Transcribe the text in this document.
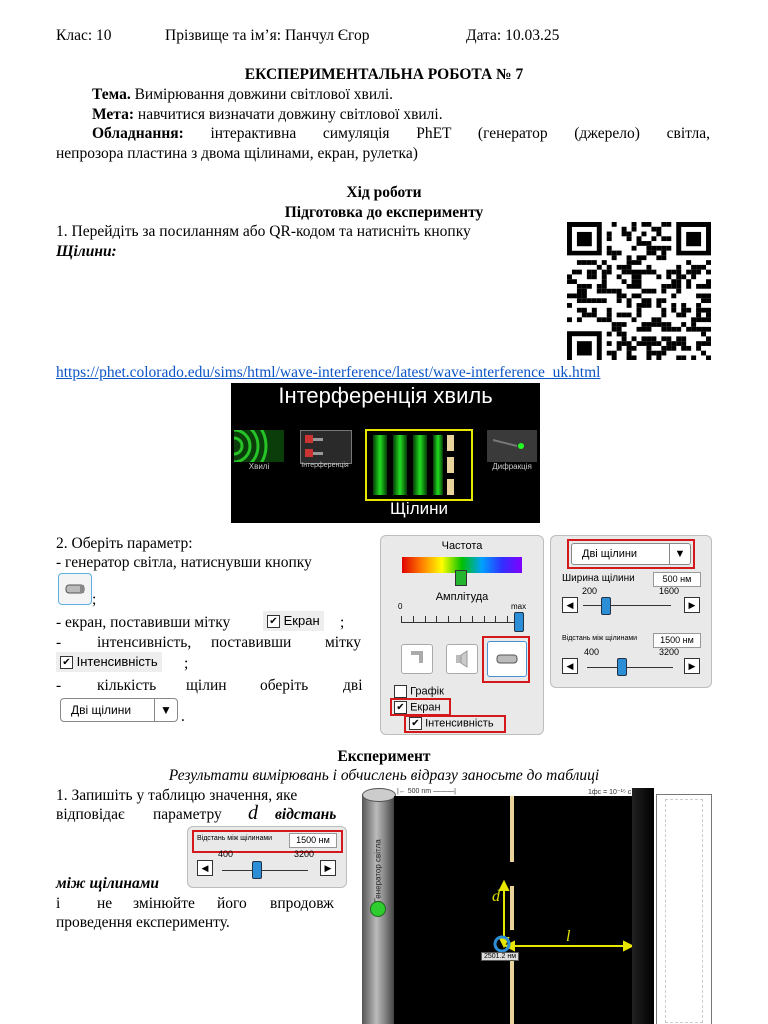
Клас: 10	Прізвище та ім’я: Панчул Єгор	Дата: 10.03.25
ЕКСПЕРИМЕНТАЛЬНА РОБОТА № 7
Тема. Вимірювання довжини світлової хвилі.
Мета: навчитися визначати довжину світлової хвилі.
Обладнання: інтерактивна симуляція PhET (генератор (джерело) світла,
непрозора пластина з двома щілинами, екран, рулетка)
Хід роботи
Підготовка до експерименту
1. Перейдіть за посиланням або QR-кодом та натисніть кнопку
Щілини:
https://phet.colorado.edu/sims/html/wave-interference/latest/wave-interference_uk.html
Інтерференція хвиль
Хвилі	Інтерференція
Щілини
Дифракція
2. Оберіть параметр:
- генератор світла, натиснувши кнопку
;
- екран, поставивши мітку	✔ Екран ;
- інтенсивність, поставивши мітку
✔ Інтенсивність ;
- кількість щілин оберіть дві
Дві щілини	▼ .
Частота
Амплітуда
0	max
Графік
✔ Екран
✔ Інтенсивність
Дві щілини	▼
Ширина щілини	500 нм
200	1600
◀	▶
Відстань між щілинами	1500 нм
400	3200
◀	▶
Експеримент
Результати вимірювань і обчислень відразу заносьте до таблиці
1. Запишіть у таблицю значення, яке
відповідає параметру d відстань
Відстань між щілинами	1500 нм
400	3200
◀	▶
між щілинами
і не змінюйте його впродовж
проведення експерименту.
|← 500 nm ———|	1фс = 10⁻¹⁵ с
d
l
2501.2 нм
